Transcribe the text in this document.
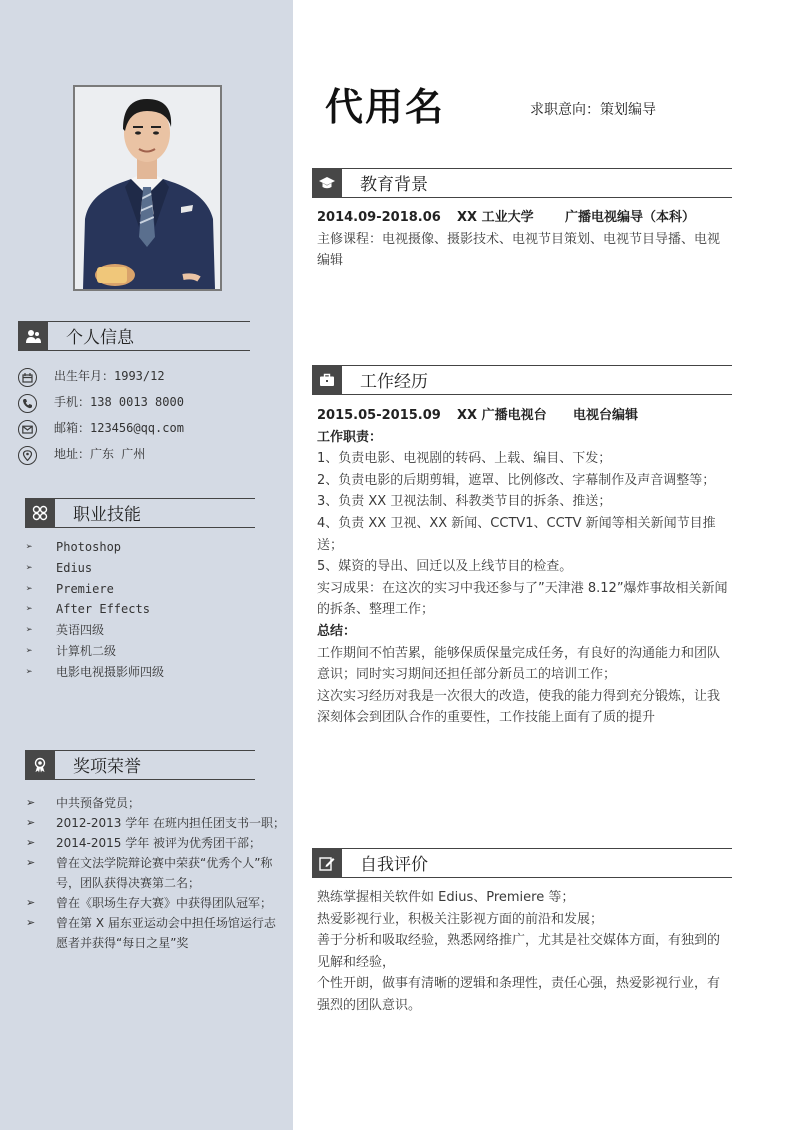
个人信息
出生年月：1993/12
手机：138 0013 8000
邮箱：123456@qq.com
地址：广东 广州
职业技能
➢ Photoshop
➢ Edius
➢ Premiere
➢ After Effects
➢ 英语四级
➢ 计算机二级
➢ 电影电视摄影师四级
奖项荣誉
➢ 中共预备党员；
➢ 2012-2013 学年 在班内担任团支书一职；
➢ 2014-2015 学年 被评为优秀团干部；
➢ 曾在文法学院辩论赛中荣获“优秀个人”称号，团队获得决赛第二名；
➢ 曾在《职场生存大赛》中获得团队冠军；
➢ 曾在第 X 届东亚运动会中担任场馆运行志愿者并获得“每日之星”奖
代用名	求职意向：策划编导
教育背景

2014.09-2018.06 XX 工业大学 广播电视编导（本科）

主修课程：电视摄像、摄影技术、电视节目策划、电视节目导播、电视编辑

工作经历

2015.05-2015.09 XX 广播电视台 电视台编辑

工作职责：

1、负责电影、电视剧的转码、上载、编目、下发；

2、负责电影的后期剪辑，遮罩、比例修改、字幕制作及声音调整等；

3、负责 XX 卫视法制、科教类节目的拆条、推送；

4、负责 XX 卫视、XX 新闻、CCTV1、CCTV 新闻等相关新闻节目推送；

5、媒资的导出、回迁以及上线节目的检查。

实习成果：在这次的实习中我还参与了”天津港 8.12”爆炸事故相关新闻的拆条、整理工作；

总结：

工作期间不怕苦累，能够保质保量完成任务，有良好的沟通能力和团队意识；同时实习期间还担任部分新员工的培训工作；

这次实习经历对我是一次很大的改造，使我的能力得到充分锻炼，让我深刻体会到团队合作的重要性，工作技能上面有了质的提升

自我评价

熟练掌握相关软件如 Edius、Premiere 等；

热爱影视行业，积极关注影视方面的前沿和发展；

善于分析和吸取经验，熟悉网络推广，尤其是社交媒体方面，有独到的见解和经验，

个性开朗，做事有清晰的逻辑和条理性，责任心强，热爱影视行业，有强烈的团队意识。
